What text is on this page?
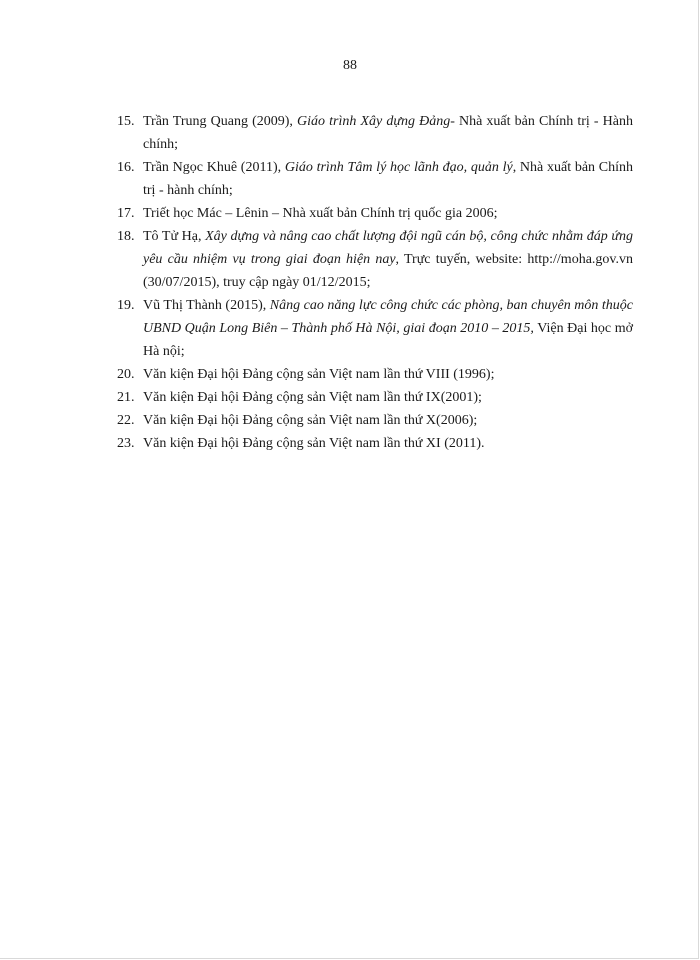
88
15. Trần Trung Quang (2009), Giáo trình Xây dựng Đảng- Nhà xuất bản Chính trị - Hành chính;
16. Trần Ngọc Khuê (2011), Giáo trình Tâm lý học lãnh đạo, quản lý, Nhà xuất bản Chính trị - hành chính;
17. Triết học Mác – Lênin – Nhà xuất bản Chính trị quốc gia 2006;
18. Tô Tử Hạ, Xây dựng và nâng cao chất lượng đội ngũ cán bộ, công chức nhằm đáp ứng yêu cầu nhiệm vụ trong giai đoạn hiện nay, Trực tuyến, website: http://moha.gov.vn (30/07/2015), truy cập ngày 01/12/2015;
19. Vũ Thị Thành (2015), Nâng cao năng lực công chức các phòng, ban chuyên môn thuộc UBND Quận Long Biên – Thành phố Hà Nội, giai đoạn 2010 – 2015, Viện Đại học mở Hà nội;
20. Văn kiện Đại hội Đảng cộng sản Việt nam lần thứ VIII (1996);
21. Văn kiện Đại hội Đảng cộng sản Việt nam lần thứ IX(2001);
22. Văn kiện Đại hội Đảng cộng sản Việt nam lần thứ X(2006);
23. Văn kiện Đại hội Đảng cộng sản Việt nam lần thứ XI (2011).
